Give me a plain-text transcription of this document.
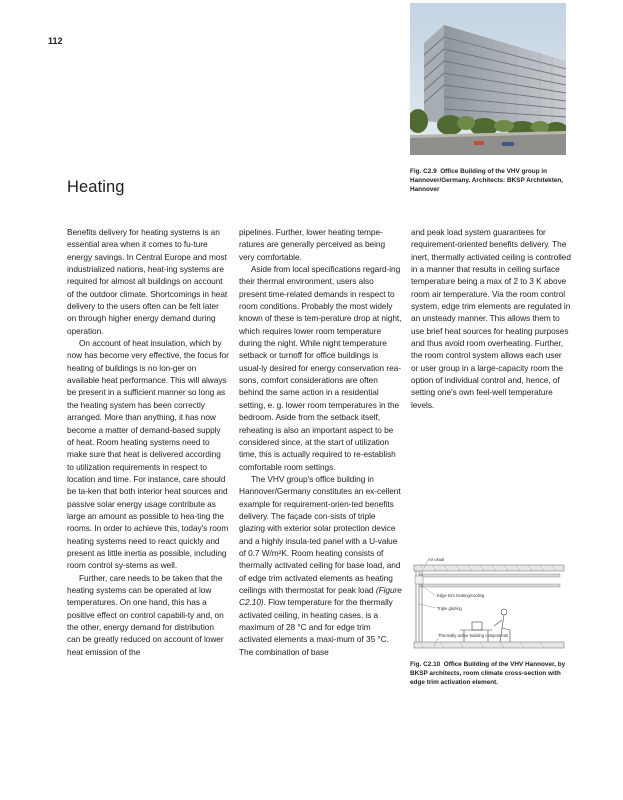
112
Fig. C2.9 Office Building of the VHV group in Hannover/Germany. Architects: BKSP Architekten, Hannover
Heating

Benefits delivery for heating systems is an essential area when it comes to fu-ture energy savings. In Central Europe and most industrialized nations, heat-ing systems are required for almost all buildings on account of the outdoor climate. Shortcomings in heat delivery to the users often can be felt later on through higher energy demand during operation.

On account of heat insulation, which by now has become very effective, the focus for heating of buildings is no lon-ger on available heat performance. This will always be present in a sufficient manner so long as the heating system has been correctly arranged. More than anything, it has now become a matter of demand-based supply of heat. Room heating systems need to make sure that heat is delivered according to utilization requirements in respect to location and time. For instance, care should be ta-ken that both interior heat sources and passive solar energy usage contribute as large an amount as possible to hea-ting the rooms. In order to achieve this, today's room heating systems need to react quickly and present as little inertia as possible, including room control sy-stems as well.

Further, care needs to be taken that the heating systems can be operated at low temperatures. On one hand, this has a positive effect on control capabili-ty and, on the other, energy demand for distribution can be greatly reduced on account of lower heat emission of the

pipelines. Further, lower heating tempe-ratures are generally perceived as being very comfortable.

Aside from local specifications regard-ing their thermal environment, users also present time-related demands in respect to room conditions. Probably the most widely known of these is tem-perature drop at night, which requires lower room temperature during the night. While night temperature setback or turnoff for office buildings is usual-ly desired for energy conservation rea-sons, comfort considerations are often behind the same action in a residential setting, e. g. lower room temperatures in the bedroom. Aside from the setback itself, reheating is also an important aspect to be considered since, at the start of utilization time, this is actually required to re-establish comfortable room settings.

The VHV group's office building in Hannover/Germany constitutes an ex-cellent example for requirement-orien-ted benefits delivery. The façade con-sists of triple glazing with exterior solar protection device and a highly insula-ted panel with a U-value of 0.7 W/m²K. Room heating consists of thermally activated ceiling for base load, and of edge trim activated elements as heating ceilings with thermostat for peak load (Figure C2.10). Flow temperature for the thermally activated ceiling, in heating cases, is a maximum of 28 °C and for edge trim activated elements a maxi-mum of 35 °C. The combination of base

and peak load system guarantees for requirement-oriented benefits delivery. The inert, thermally activated ceiling is controlled in a manner that results in ceiling surface temperature being a max of 2 to 3 K above room air temperature. Via the room control system, edge trim elements are regulated in an unsteady manner. This allows them to use brief heat sources for heating purposes and thus avoid room overheating. Further, the room control system allows each user or user group in a large-capacity room the option of individual control and, hence, of setting one's own feel-well temperature levels.

Air usual
Edge trim heating/cooling
Triple glazing
Thermally active building components
Fig. C2.10 Office Building of the VHV Hannover, by BKSP architects, room climate cross-section with edge trim activation element.
